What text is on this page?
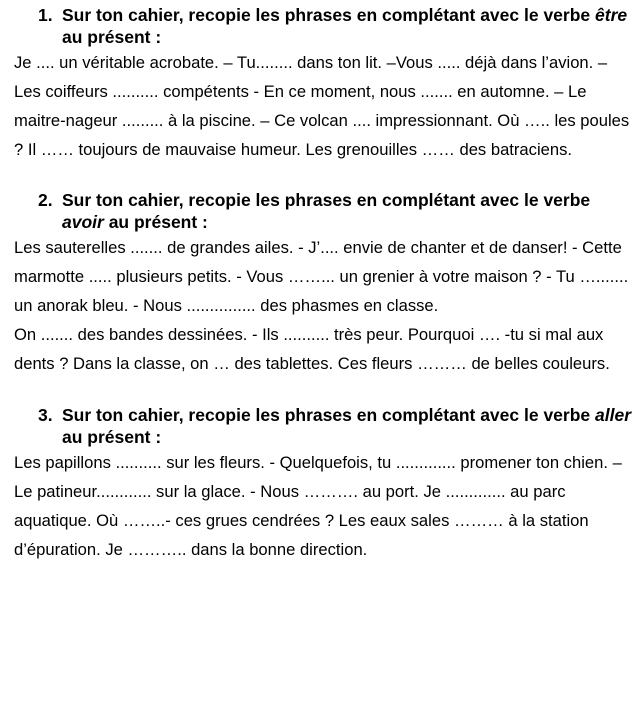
1. Sur ton cahier, recopie les phrases en complétant avec le verbe être au présent :

Je .... un véritable acrobate. – Tu........ dans ton lit. –Vous ..... déjà dans l’avion. – Les coiffeurs .......... compétents - En ce moment, nous ....... en automne. – Le maitre-nageur ......... à la piscine. – Ce volcan .... impressionnant. Où ….. les poules ? Il …… toujours de mauvaise humeur. Les grenouilles …… des batraciens.

2. Sur ton cahier, recopie les phrases en complétant avec le verbe avoir au présent :

Les sauterelles ....... de grandes ailes. - J’.... envie de chanter et de danser! - Cette marmotte ..... plusieurs petits. - Vous ……... un grenier à votre maison ? - Tu …....... un anorak bleu. - Nous ............... des phasmes en classe.

On ....... des bandes dessinées. - Ils .......... très peur. Pourquoi …. -tu si mal aux dents ? Dans la classe, on … des tablettes. Ces fleurs ……… de belles couleurs.

3. Sur ton cahier, recopie les phrases en complétant avec le verbe aller au présent :

Les papillons .......... sur les fleurs. - Quelquefois, tu ............. promener ton chien. – Le patineur............ sur la glace. - Nous ………. au port. Je ............. au parc aquatique. Où ……..- ces grues cendrées ? Les eaux sales ……… à la station d’épuration. Je ……….. dans la bonne direction.
